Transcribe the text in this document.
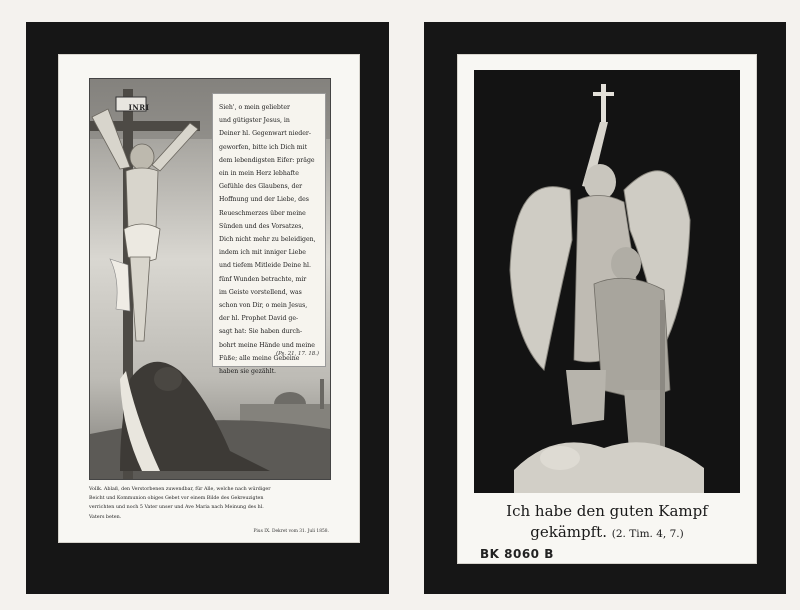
INRI	Sieh', o mein geliebter
und gütigster Jesus, in
Deiner hl. Gegenwart nieder-
geworfen, bitte ich Dich mit
dem lebendigsten Eifer: präge
ein in mein Herz lebhafte
Gefühle des Glaubens, der
Hoffnung und der Liebe, des
Reueschmerzes über meine
Sünden und des Vorsatzes,
Dich nicht mehr zu beleidigen,
indem ich mit inniger Liebe
und tiefem Mitleide Deine hl.
fünf Wunden betrachte, mir
im Geiste vorstellend, was
schon von Dir, o mein Jesus,
der hl. Prophet David ge-
sagt hat: Sie haben durch-
bohrt meine Hände und meine
Füße; alle meine Gebeine
haben sie gezählt.

(Ps. 21, 17. 18.)

Vollk. Ablaß, den Verstorbenen zuwendbar, für Alle, welche nach würdiger
Beicht und Kommunion obiges Gebet vor einem Bilde des Gekreuzigten
verrichten und noch 5 Vater unser und Ave Maria nach Meinung des hl.
Vaters beten.

Pius IX. Dekret vom 31. Juli 1858.
Ich habe den guten Kampf
gekämpft. (2. Tim. 4, 7.)
BK 8060 B
